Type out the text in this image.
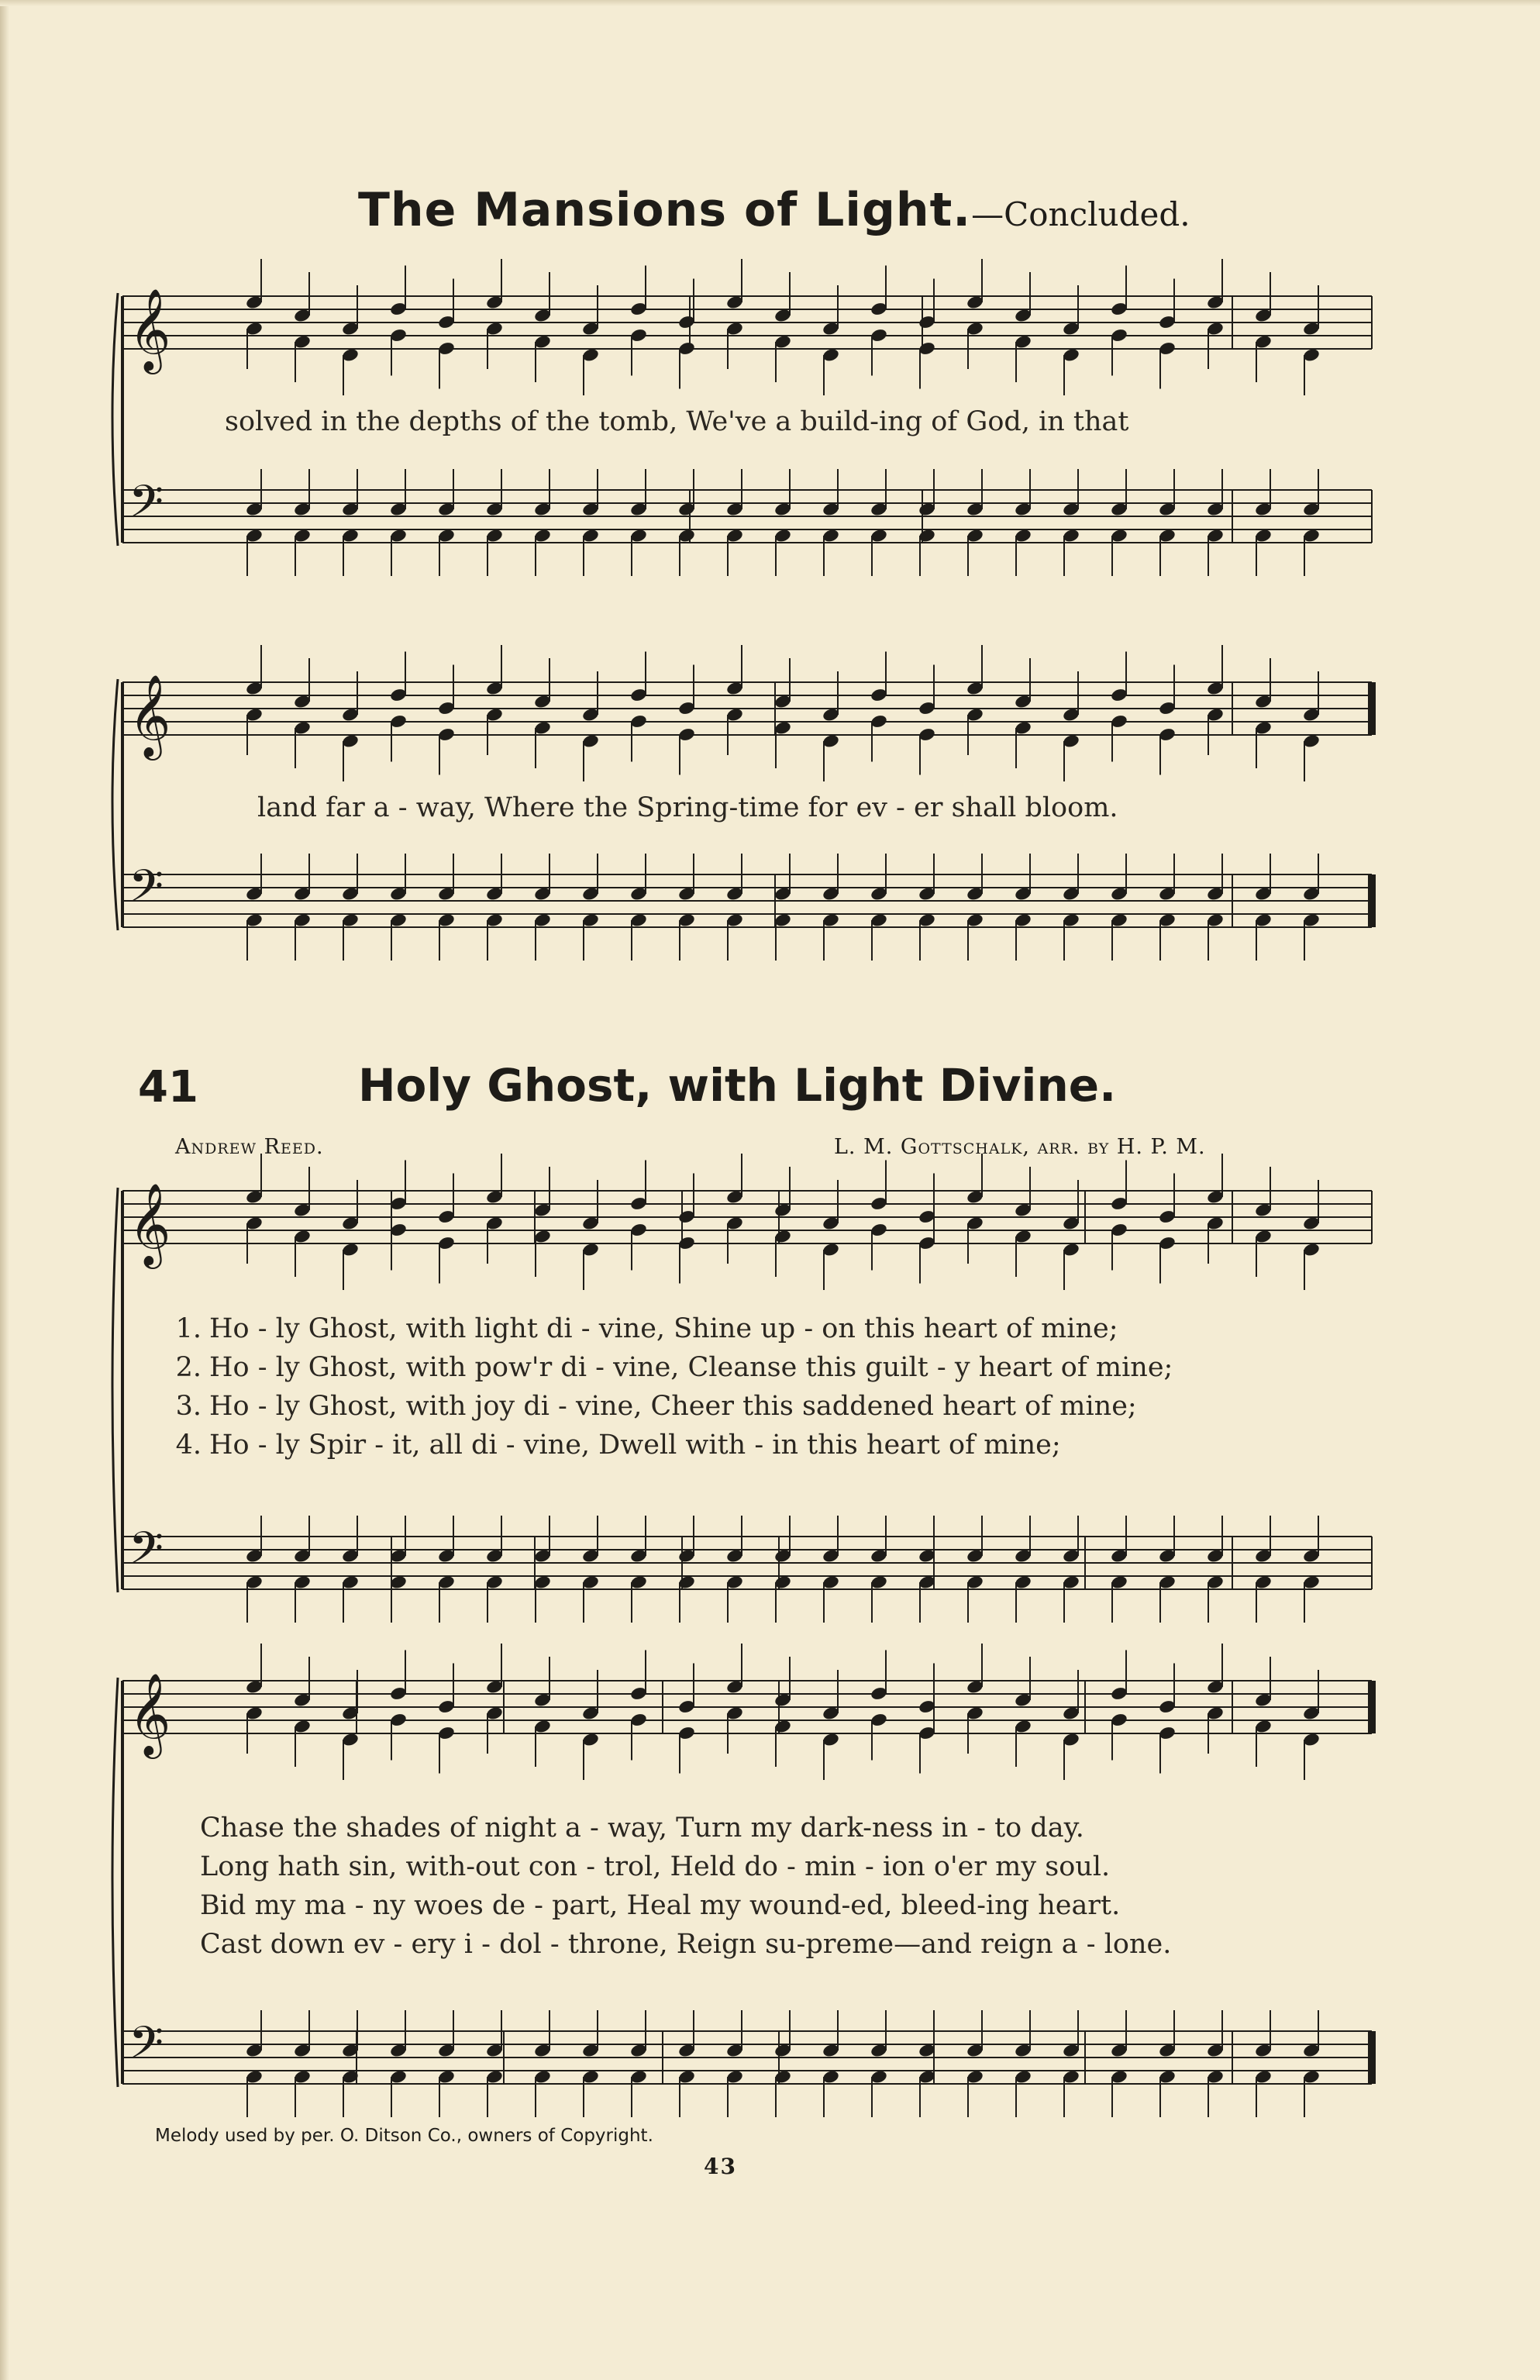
The Mansions of Light.—Concluded.
𝄞
𝄢
𝄞
𝄢
𝄞
𝄢
𝄞
𝄢
solved in the depths of the tomb, We've a build-ing of God, in that
land far a - way, Where the Spring-time for ev - er shall bloom.
41	Holy Ghost, with Light Divine.
Andrew Reed.	L. M. Gottschalk, arr. by H. P. M.
1. Ho - ly Ghost, with light di - vine, Shine up - on this heart of mine;
2. Ho - ly Ghost, with pow'r di - vine, Cleanse this guilt - y heart of mine;
3. Ho - ly Ghost, with joy di - vine, Cheer this saddened heart of mine;
4. Ho - ly Spir - it, all di - vine, Dwell with - in this heart of mine;
Chase the shades of night a - way, Turn my dark-ness in - to day.
Long hath sin, with-out con - trol, Held do - min - ion o'er my soul.
Bid my ma - ny woes de - part, Heal my wound-ed, bleed-ing heart.
Cast down ev - ery i - dol - throne, Reign su-preme—and reign a - lone.
Melody used by per. O. Ditson Co., owners of Copyright.
43
